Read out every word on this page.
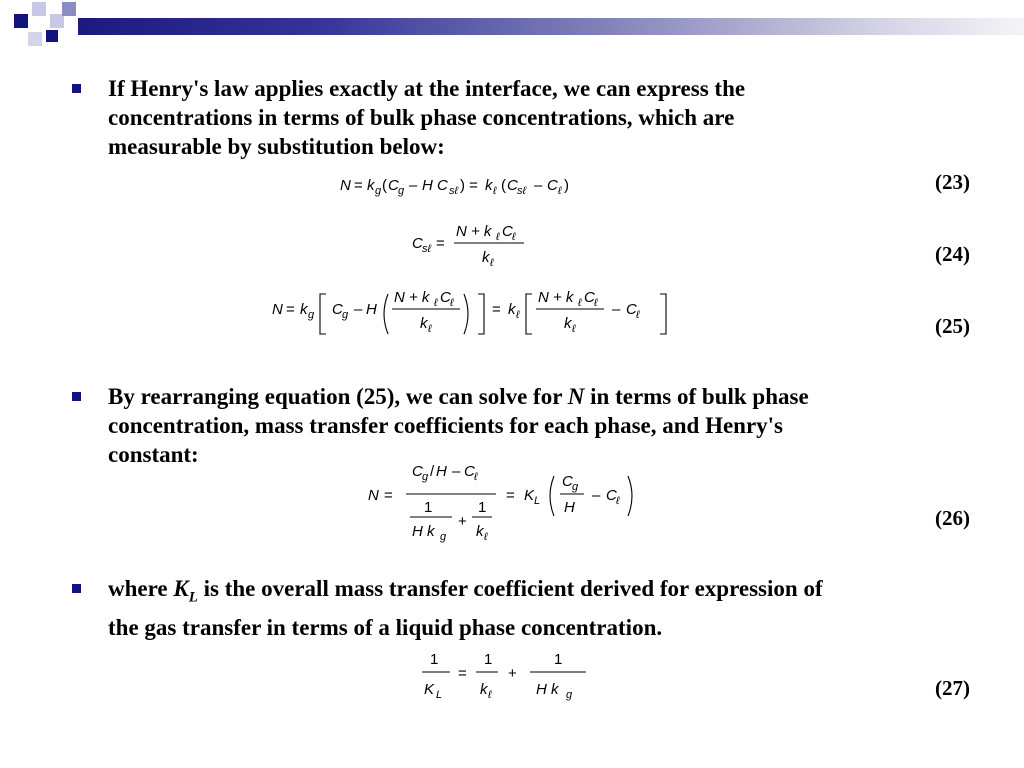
If Henry's law applies exactly at the interface, we can express the
concentrations in terms of bulk phase concentrations, which are
measurable by substitution below:
N = k g ( C g – H C sℓ ) = k ℓ ( C sℓ – C ℓ )	(23)
C sℓ =
N + k ℓ C ℓ
k ℓ	(24)
N = k g C g – H
N + k ℓ C ℓ
k ℓ
= k ℓ
N + k ℓ C ℓ
k ℓ
– C ℓ	(25)
By rearranging equation (25), we can solve for N in terms of bulk phase
concentration, mass transfer coefficients for each phase, and Henry's
constant:
N =
C g / H – C ℓ
1
H k g
+
1
k ℓ
= K L
C g
H
– C ℓ
(26)
where $K_L$ is the overall mass transfer coefficient derived for expression of
the gas transfer in terms of a liquid phase concentration.
1
K L
=
1
k ℓ
+
1
H k g	(27)
